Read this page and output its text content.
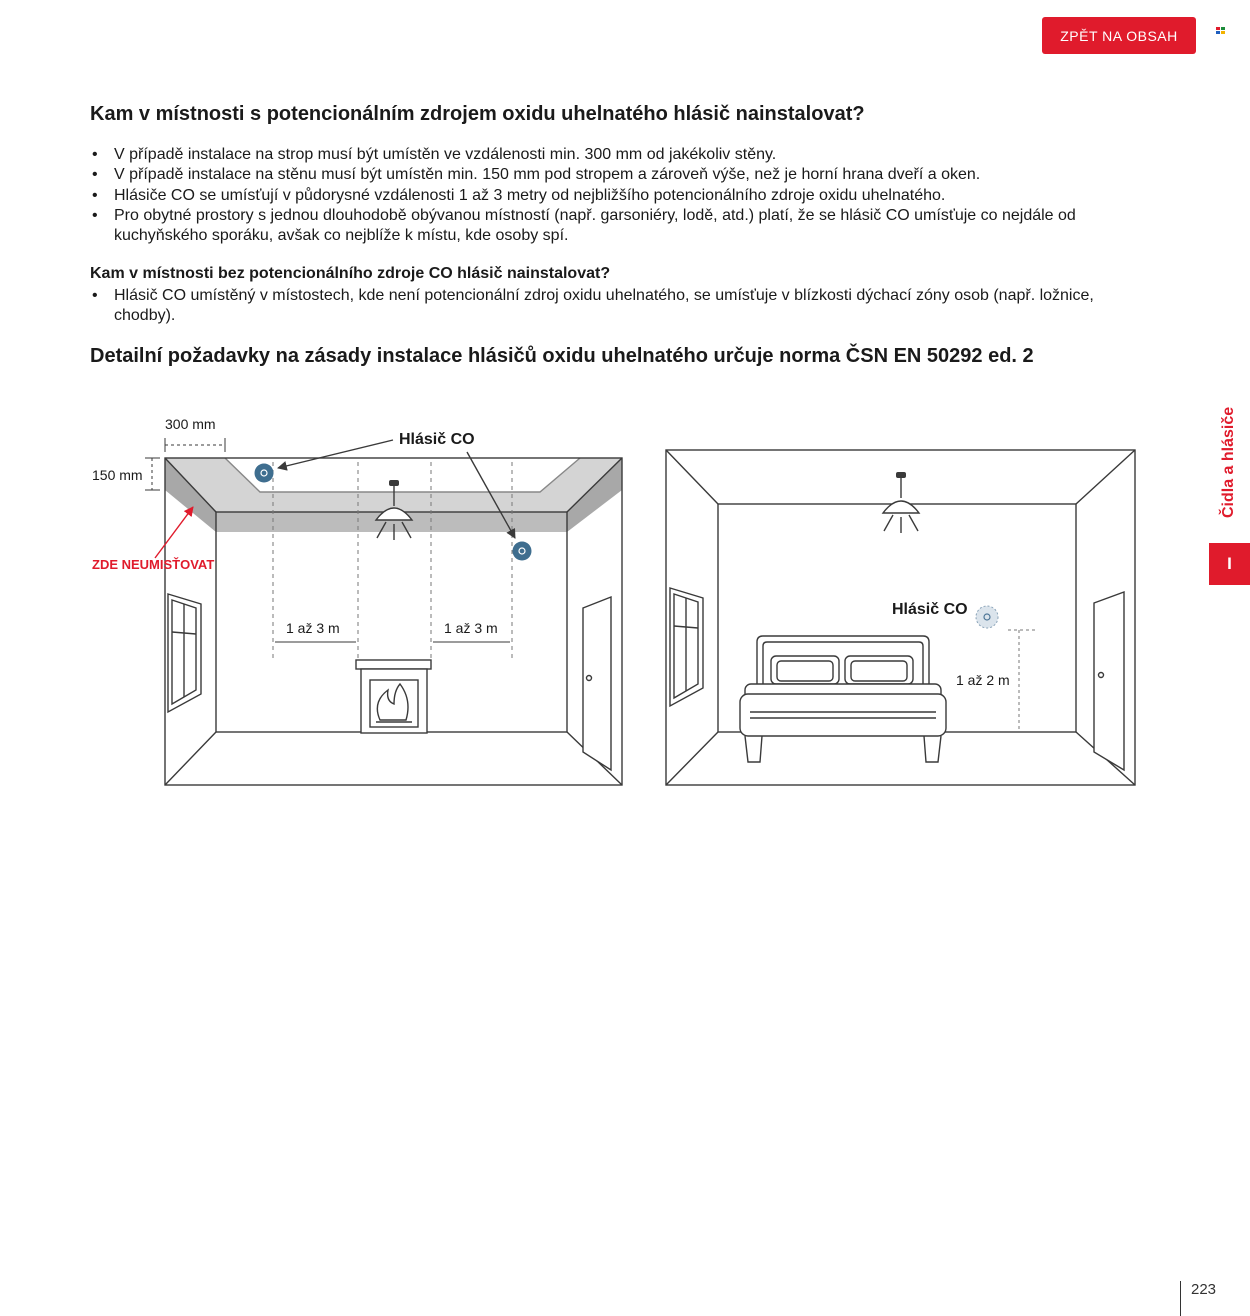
ZPĚT NA OBSAH
Kam v místnosti s potencionálním zdrojem oxidu uhelnatého hlásič nainstalovat?
• V případě instalace na strop musí být umístěn ve vzdálenosti min. 300 mm od jakékoliv stěny.
• V případě instalace na stěnu musí být umístěn min. 150 mm pod stropem a zároveň výše, než je horní hrana dveří a oken.
• Hlásiče CO se umísťují v půdorysné vzdálenosti 1 až 3 metry od nejbližšího potencionálního zdroje oxidu uhelnatého.
• Pro obytné prostory s jednou dlouhodobě obývanou místností (např. garsoniéry, lodě, atd.) platí, že se hlásič CO umísťuje co nejdále od kuchyňského sporáku, avšak co nejblíže k místu, kde osoby spí.
Kam v místnosti bez potencionálního zdroje CO hlásič nainstalovat?
• Hlásič CO umístěný v místostech, kde není potencionální zdroj oxidu uhelnatého, se umísťuje v blízkosti dýchací zóny osob (např. ložnice, chodby).
Detailní požadavky na zásady instalace hlásičů oxidu uhelnatého určuje norma ČSN EN 50292 ed. 2
300 mm
150 mm
Hlásič CO
ZDE NEUMISŤOVAT
1 až 3 m	1 až 3 m
Hlásič CO
1 až 2 m
Čidla a hlásiče
I
223
